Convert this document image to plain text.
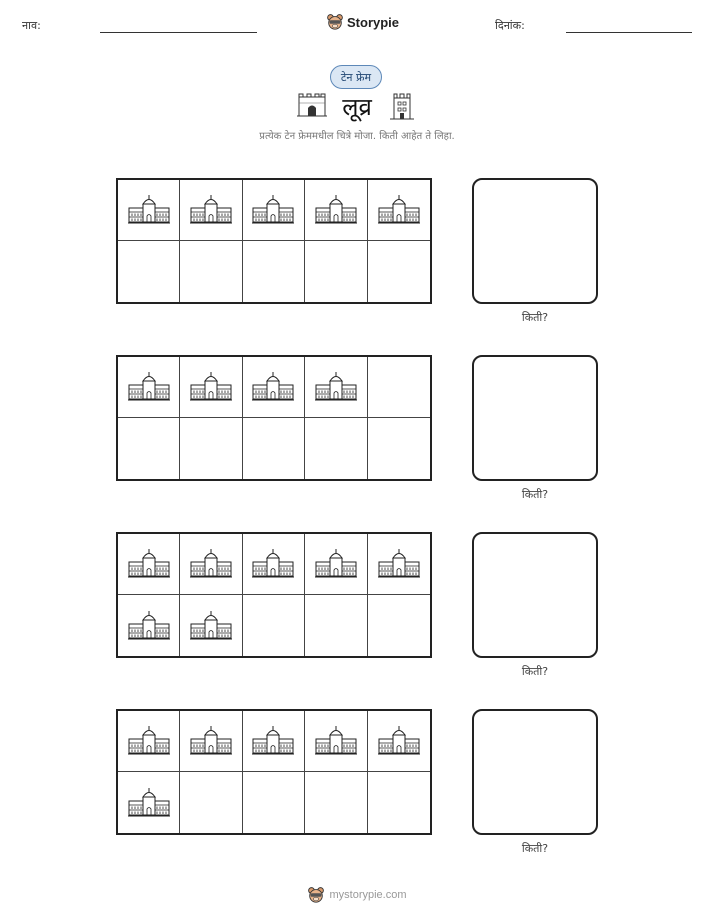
नाव:	Storypie	दिनांक:
टेन फ्रेम
लूव्र
प्रत्येक टेन फ्रेममधील चित्रे मोजा. किती आहेत ते लिहा.
किती?
किती?
किती?
किती?
mystorypie.com
